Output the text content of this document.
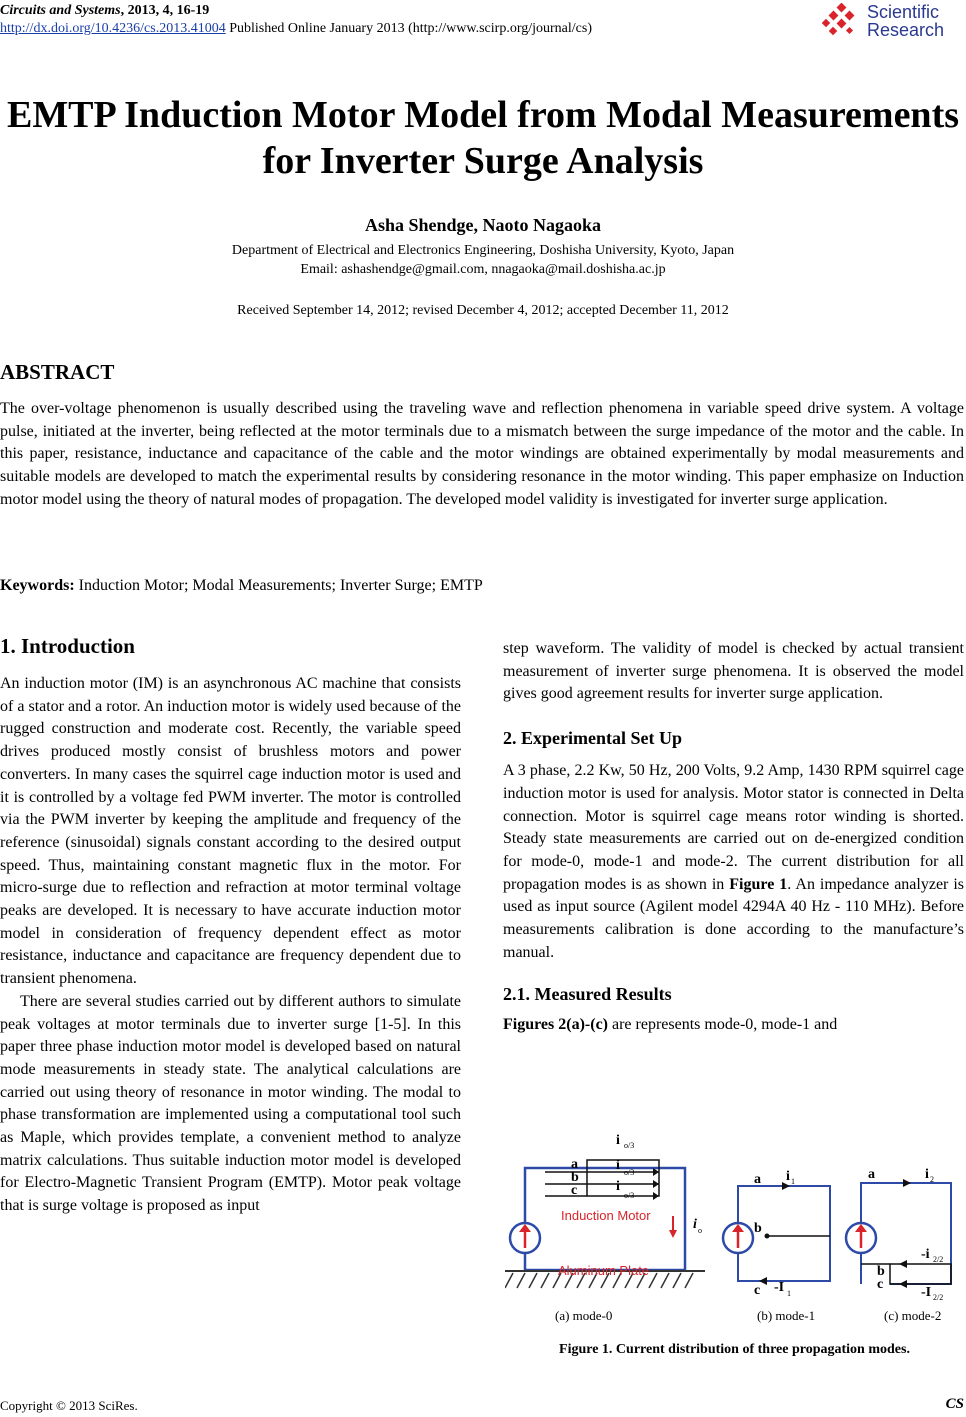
Circuits and Systems, 2013, 4, 16-19
http://dx.doi.org/10.4236/cs.2013.41004 Published Online January 2013 (http://www.scirp.org/journal/cs)
Scientific
Research
EMTP Induction Motor Model from Modal Measurements
for Inverter Surge Analysis
Asha Shendge, Naoto Nagaoka
Department of Electrical and Electronics Engineering, Doshisha University, Kyoto, Japan
Email: ashashendge@gmail.com, nnagaoka@mail.doshisha.ac.jp
Received September 14, 2012; revised December 4, 2012; accepted December 11, 2012
ABSTRACT
The over-voltage phenomenon is usually described using the traveling wave and reflection phenomena in variable speed drive system. A voltage pulse, initiated at the inverter, being reflected at the motor terminals due to a mismatch between the surge impedance of the motor and the cable. In this paper, resistance, inductance and capacitance of the cable and the motor windings are obtained experimentally by modal measurements and suitable models are developed to match the experimental results by considering resonance in the motor winding. This paper emphasize on Induction motor model using the theory of natural modes of propagation. The developed model validity is investigated for inverter surge application.
Keywords: Induction Motor; Modal Measurements; Inverter Surge; EMTP
1. Introduction

An induction motor (IM) is an asynchronous AC machine that consists of a stator and a rotor. An induction motor is widely used because of the rugged construction and moderate cost. Recently, the variable speed drives produced mostly consist of brushless motors and power converters. In many cases the squirrel cage induction motor is used and it is controlled by a voltage fed PWM inverter. The motor is controlled via the PWM inverter by keeping the amplitude and frequency of the reference (sinusoidal) signals constant according to the desired output speed. Thus, maintaining constant magnetic flux in the motor. For micro-surge due to reflection and refraction at motor terminal voltage peaks are developed. It is necessary to have accurate induction motor model in consideration of frequency dependent effect as motor resistance, inductance and capacitance are frequency dependent due to transient phenomena.

There are several studies carried out by different authors to simulate peak voltages at motor terminals due to inverter surge [1-5]. In this paper three phase induction motor model is developed based on natural mode measurements in steady state. The analytical calculations are carried out using theory of resonance in motor winding. The modal to phase transformation are implemented using a computational tool such as Maple, which provides template, a convenient method to analyze matrix calculations. Thus suitable induction motor model is developed for Electro-Magnetic Transient Program (EMTP). Motor peak voltage that is surge voltage is proposed as input

step waveform. The validity of model is checked by actual transient measurement of inverter surge phenomena. It is observed the model gives good agreement results for inverter surge application.

2. Experimental Set Up

A 3 phase, 2.2 Kw, 50 Hz, 200 Volts, 9.2 Amp, 1430 RPM squirrel cage induction motor is used for analysis. Motor stator is connected in Delta connection. Motor is squirrel cage means rotor winding is shorted. Steady state measurements are carried out on de-energized condition for mode-0, mode-1 and mode-2. The current distribution for all propagation modes is as shown in Figure 1. An impedance analyzer is used as input source (Agilent model 4294A 40 Hz - 110 MHz). Before measurements calibration is done according to the manufacture’s manual.

2.1. Measured Results

Figures 2(a)-(c) are represents mode-0, mode-1 and

a
b
c
i o/3
i o/3
i
o/3
Induction Motor
Aluminum Plate
i o
a
b
c
i 1
-I 1
a
b
c
i 2
-i 2/2
-I 2/2
(a) mode-0	(b) mode-1	(c) mode-2
Figure 1. Current distribution of three propagation modes.
Copyright © 2013 SciRes.	CS
